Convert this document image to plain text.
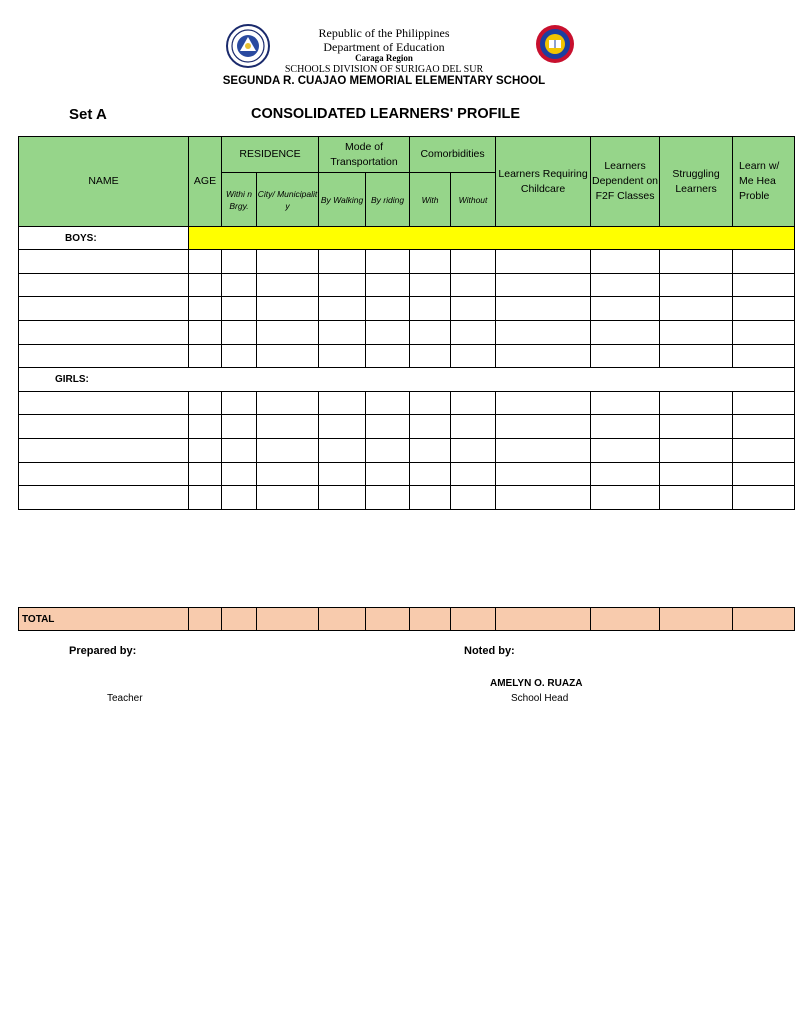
Republic of the Philippines
Department of Education
Caraga Region
SCHOOLS DIVISION OF SURIGAO DEL SUR
SEGUNDA R. CUAJAO MEMORIAL ELEMENTARY SCHOOL
Set A	CONSOLIDATED LEARNERS' PROFILE
NAME	AGE	RESIDENCE		Mode of Transportation		Comorbidities		Learners Requiring Childcare	Learners Dependent on F2F Classes	Struggling Learners	Learn w/ Me Hea Proble
		Withi n Brgy.	City/ Municipalit y	By Walking	By riding	With	Without				
BOYS:											

GIRLS:											

TOTAL											
Prepared by:	Noted by:
AMELYN O. RUAZA
Teacher	School Head
